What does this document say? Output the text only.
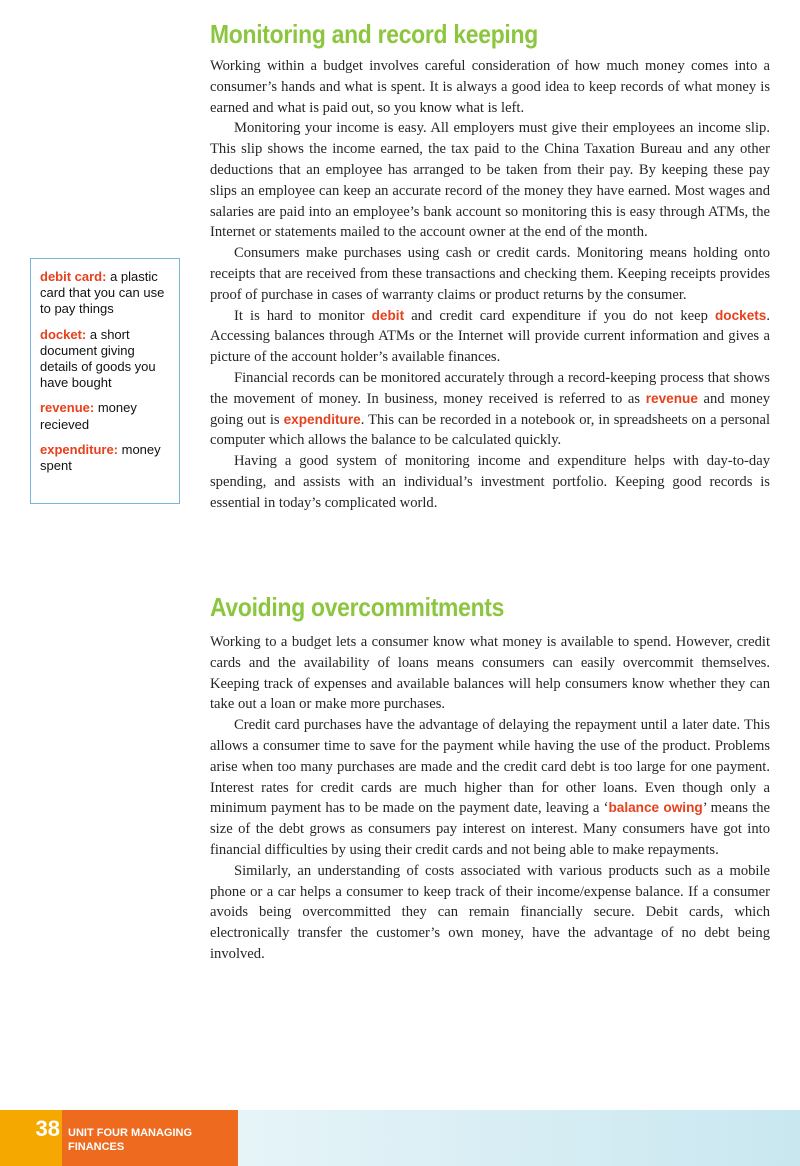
Monitoring and record keeping

Working within a budget involves careful consideration of how much money comes into a consumer’s hands and what is spent. It is always a good idea to keep records of what money is earned and what is paid out, so you know what is left.

Monitoring your income is easy. All employers must give their employees an income slip. This slip shows the income earned, the tax paid to the China Taxation Bureau and any other deductions that an employee has arranged to be taken from their pay. By keeping these pay slips an employee can keep an accurate record of the money they have earned. Most wages and salaries are paid into an employee’s bank account so monitoring this is easy through ATMs, the Internet or statements mailed to the account owner at the end of the month.

Consumers make purchases using cash or credit cards. Monitoring means holding onto receipts that are received from these transactions and checking them. Keeping receipts provides proof of purchase in cases of warranty claims or product returns by the consumer.

It is hard to monitor debit and credit card expenditure if you do not keep dockets. Accessing balances through ATMs or the Internet will provide current information and gives a picture of the account holder’s available finances.

Financial records can be monitored accurately through a record-keeping process that shows the movement of money. In business, money received is referred to as revenue and money going out is expenditure. This can be recorded in a notebook or, in spreadsheets on a personal computer which allows the balance to be calculated quickly.

Having a good system of monitoring income and expenditure helps with day-to-day spending, and assists with an individual’s investment portfolio. Keeping good records is essential in today’s complicated world.

Avoiding overcommitments

Working to a budget lets a consumer know what money is available to spend. However, credit cards and the availability of loans means consumers can easily overcommit themselves. Keeping track of expenses and available balances will help consumers know whether they can take out a loan or make more purchases.

Credit card purchases have the advantage of delaying the repayment until a later date. This allows a consumer time to save for the payment while having the use of the product. Problems arise when too many purchases are made and the credit card debt is too large for one payment. Interest rates for credit cards are much higher than for other loans. Even though only a minimum payment has to be made on the payment date, leaving a ‘balance owing’ means the size of the debt grows as consumers pay interest on interest. Many consumers have got into financial difficulties by using their credit cards and not being able to make repayments.

Similarly, an understanding of costs associated with various products such as a mobile phone or a car helps a consumer to keep track of their income/expense balance. If a consumer avoids being overcommitted they can remain financially secure. Debit cards, which electronically transfer the customer’s own money, have the advantage of no debt being involved.

debit card: a plastic card that you can use to pay things

docket: a short document giving details of goods you have bought

revenue: money recieved

expenditure: money spent

38 UNIT FOUR MANAGING FINANCES
